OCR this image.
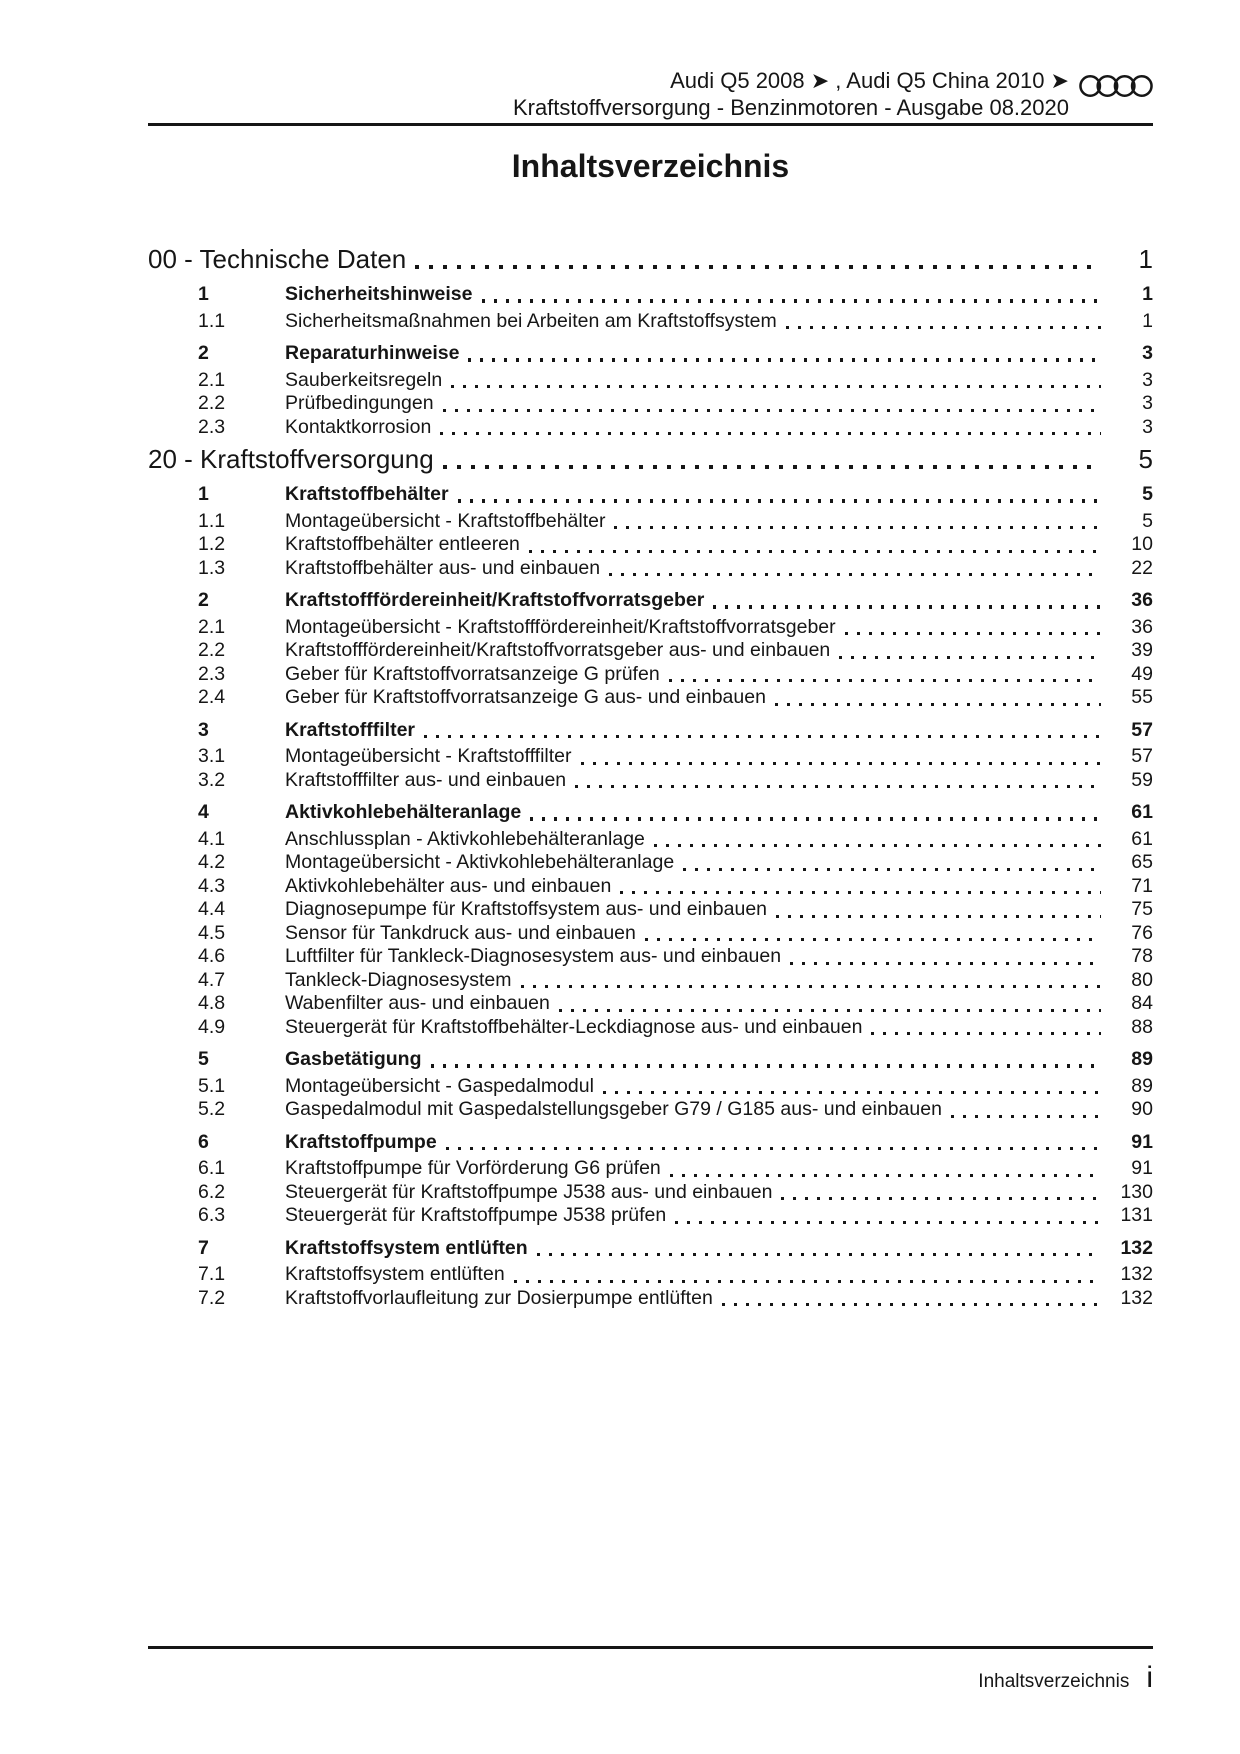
Audi Q5 2008 ➤ , Audi Q5 China 2010 ➤
Kraftstoffversorgung - Benzinmotoren - Ausgabe 08.2020
Inhaltsverzeichnis
00 - Technische Daten	1
1	Sicherheitshinweise	1
1.1	Sicherheitsmaßnahmen bei Arbeiten am Kraftstoffsystem	1
2	Reparaturhinweise	3
2.1	Sauberkeitsregeln	3
2.2	Prüfbedingungen	3
2.3	Kontaktkorrosion	3
20 - Kraftstoffversorgung	5
1	Kraftstoffbehälter	5
1.1	Montageübersicht - Kraftstoffbehälter	5
1.2	Kraftstoffbehälter entleeren	10
1.3	Kraftstoffbehälter aus- und einbauen	22
2	Kraftstofffördereinheit/Kraftstoffvorratsgeber	36
2.1	Montageübersicht - Kraftstofffördereinheit/Kraftstoffvorratsgeber	36
2.2	Kraftstofffördereinheit/Kraftstoffvorratsgeber aus- und einbauen	39
2.3	Geber für Kraftstoffvorratsanzeige G prüfen	49
2.4	Geber für Kraftstoffvorratsanzeige G aus- und einbauen	55
3	Kraftstofffilter	57
3.1	Montageübersicht - Kraftstofffilter	57
3.2	Kraftstofffilter aus- und einbauen	59
4	Aktivkohlebehälteranlage	61
4.1	Anschlussplan - Aktivkohlebehälteranlage	61
4.2	Montageübersicht - Aktivkohlebehälteranlage	65
4.3	Aktivkohlebehälter aus- und einbauen	71
4.4	Diagnosepumpe für Kraftstoffsystem aus- und einbauen	75
4.5	Sensor für Tankdruck aus- und einbauen	76
4.6	Luftfilter für Tankleck-Diagnosesystem aus- und einbauen	78
4.7	Tankleck-Diagnosesystem	80
4.8	Wabenfilter aus- und einbauen	84
4.9	Steuergerät für Kraftstoffbehälter-Leckdiagnose aus- und einbauen	88
5	Gasbetätigung	89
5.1	Montageübersicht - Gaspedalmodul	89
5.2	Gaspedalmodul mit Gaspedalstellungsgeber G79 / G185 aus- und einbauen	90
6	Kraftstoffpumpe	91
6.1	Kraftstoffpumpe für Vorförderung G6 prüfen	91
6.2	Steuergerät für Kraftstoffpumpe J538 aus- und einbauen	130
6.3	Steuergerät für Kraftstoffpumpe J538 prüfen	131
7	Kraftstoffsystem entlüften	132
7.1	Kraftstoffsystem entlüften	132
7.2	Kraftstoffvorlaufleitung zur Dosierpumpe entlüften	132
Inhaltsverzeichnis i
